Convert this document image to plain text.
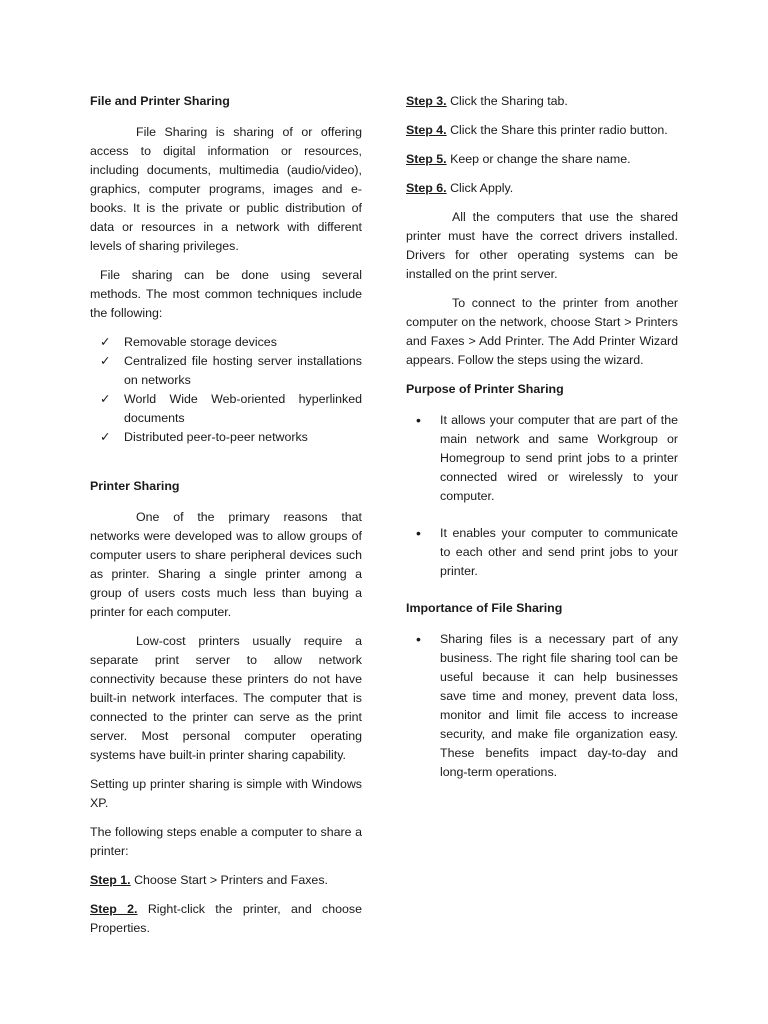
File and Printer Sharing

File Sharing is sharing of or offering access to digital information or resources, including documents, multimedia (audio/video), graphics, computer programs, images and e-books. It is the private or public distribution of data or resources in a network with different levels of sharing privileges.

File sharing can be done using several methods. The most common techniques include the following:

✓ Removable storage devices
✓ Centralized file hosting server installations on networks
✓ World Wide Web-oriented hyperlinked documents
✓ Distributed peer-to-peer networks
Printer Sharing

One of the primary reasons that networks were developed was to allow groups of computer users to share peripheral devices such as printer. Sharing a single printer among a group of users costs much less than buying a printer for each computer.

Low-cost printers usually require a separate print server to allow network connectivity because these printers do not have built-in network interfaces. The computer that is connected to the printer can serve as the print server. Most personal computer operating systems have built-in printer sharing capability.

Setting up printer sharing is simple with Windows XP.

The following steps enable a computer to share a printer:

Step 1. Choose Start > Printers and Faxes.

Step 2. Right-click the printer, and choose Properties.

Step 3. Click the Sharing tab.

Step 4. Click the Share this printer radio button.

Step 5. Keep or change the share name.

Step 6. Click Apply.

All the computers that use the shared printer must have the correct drivers installed. Drivers for other operating systems can be installed on the print server.

To connect to the printer from another computer on the network, choose Start > Printers and Faxes > Add Printer. The Add Printer Wizard appears. Follow the steps using the wizard.

Purpose of Printer Sharing
• It allows your computer that are part of the main network and same Workgroup or Homegroup to send print jobs to a printer connected wired or wirelessly to your computer.
• It enables your computer to communicate to each other and send print jobs to your printer.
Importance of File Sharing
• Sharing files is a necessary part of any business. The right file sharing tool can be useful because it can help businesses save time and money, prevent data loss, monitor and limit file access to increase security, and make file organization easy. These benefits impact day-to-day and long-term operations.
